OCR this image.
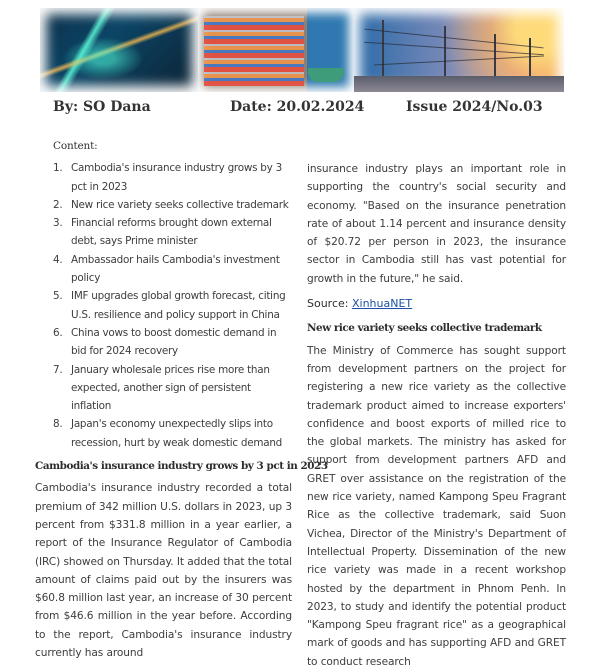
By: SO Dana	Date: 20.02.2024	Issue 2024/No.03
Content:
1. Cambodia's insurance industry grows by 3 pct in 2023
2. New rice variety seeks collective trademark
3. Financial reforms brought down external debt, says Prime minister
4. Ambassador hails Cambodia's investment policy
5. IMF upgrades global growth forecast, citing U.S. resilience and policy support in China
6. China vows to boost domestic demand in bid for 2024 recovery
7. January wholesale prices rise more than expected, another sign of persistent inflation
8. Japan's economy unexpectedly slips into recession, hurt by weak domestic demand
Cambodia's insurance industry grows by 3 pct in 2023

Cambodia's insurance industry recorded a total premium of 342 million U.S. dollars in 2023, up 3 percent from $331.8 million in a year earlier, a report of the Insurance Regulator of Cambodia (IRC) showed on Thursday. It added that the total amount of claims paid out by the insurers was $60.8 million last year, an increase of 30 percent from $46.6 million in the year before. According to the report, Cambodia's insurance industry currently has around

insurance industry plays an important role in supporting the country's social security and economy. "Based on the insurance penetration rate of about 1.14 percent and insurance density of $20.72 per person in 2023, the insurance sector in Cambodia still has vast potential for growth in the future," he said.

Source: XinhuaNET
New rice variety seeks collective trademark

The Ministry of Commerce has sought support from development partners on the project for registering a new rice variety as the collective trademark product aimed to increase exporters' confidence and boost exports of milled rice to the global markets. The ministry has asked for support from development partners AFD and GRET over assistance on the registration of the new rice variety, named Kampong Speu Fragrant Rice as the collective trademark, said Suon Vichea, Director of the Ministry's Department of Intellectual Property. Dissemination of the new rice variety was made in a recent workshop hosted by the department in Phnom Penh. In 2023, to study and identify the potential product "Kampong Speu fragrant rice" as a geographical mark of goods and has supporting AFD and GRET to conduct research
